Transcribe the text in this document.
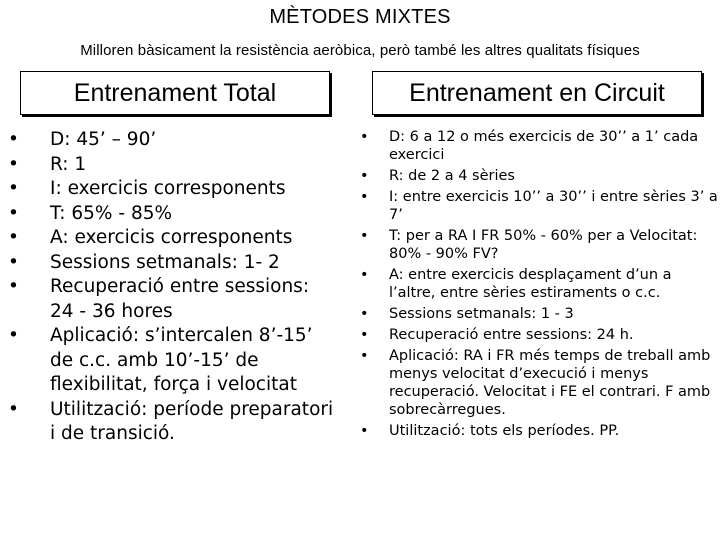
MÈTODES MIXTES
Milloren bàsicament la resistència aeròbica, però també les altres qualitats físiques
Entrenament Total	Entrenament en Circuit
• D: 45’ – 90’
• R: 1
• I: exercicis corresponents
• T: 65% - 85%
• A: exercicis corresponents
• Sessions setmanals: 1- 2
• Recuperació entre sessions: 24 - 36 hores
• Aplicació: s’intercalen 8’-15’ de c.c. amb 10’-15’ de flexibilitat, força i velocitat
• Utilització: període preparatori i de transició.
• D: 6 a 12 o més exercicis de 30’’ a 1’ cada exercici
• R: de 2 a 4 sèries
• I: entre exercicis 10’’ a 30’’ i entre sèries 3’ a 7’
• T: per a RA I FR 50% - 60% per a Velocitat: 80% - 90% FV?
• A: entre exercicis desplaçament d’un a l’altre, entre sèries estiraments o c.c.
• Sessions setmanals: 1 - 3
• Recuperació entre sessions: 24 h.
• Aplicació: RA i FR més temps de treball amb menys velocitat d’execució i menys recuperació. Velocitat i FE el contrari. F amb sobrecàrregues.
• Utilització: tots els períodes. PP.
